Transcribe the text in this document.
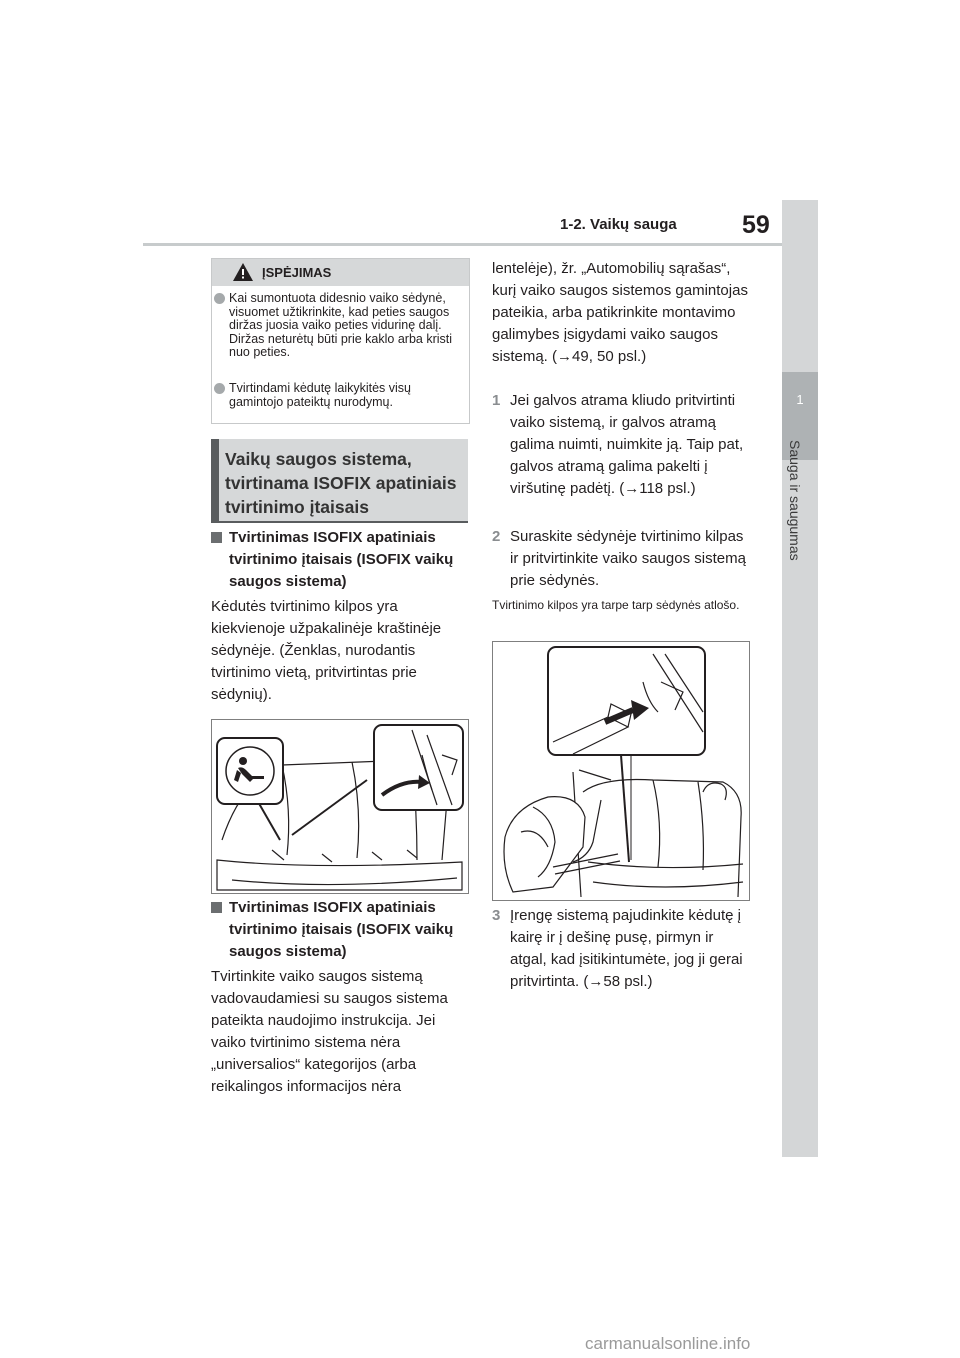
1-2. Vaikų sauga	59
1
Sauga ir saugumas
ĮSPĖJIMAS
Kai sumontuota didesnio vaiko sėdynė, visuomet užtikrinkite, kad peties saugos diržas juosia vaiko peties vidurinę dalį. Diržas neturėtų būti prie kaklo arba kristi nuo peties.
Tvirtindami kėdutę laikykitės visų gamintojo pateiktų nurodymų.
Vaikų saugos sistema, tvirtinama ISOFIX apatiniais tvirtinimo įtaisais
Tvirtinimas ISOFIX apatiniais tvirtinimo įtaisais (ISOFIX vaikų saugos sistema)
Kėdutės tvirtinimo kilpos yra kiekvienoje užpakalinėje kraštinėje sėdynėje. (Ženklas, nurodantis tvirtinimo vietą, pritvirtintas prie sėdynių).
Tvirtinimas ISOFIX apatiniais tvirtinimo įtaisais (ISOFIX vaikų saugos sistema)
Tvirtinkite vaiko saugos sistemą vadovaudamiesi su saugos sistema pateikta naudojimo instrukcija. Jei vaiko tvirtinimo sistema nėra „universalios“ kategorijos (arba reikalingos informacijos nėra
lentelėje), žr. „Automobilių sąrašas“, kurį vaiko saugos sistemos gamintojas pateikia, arba patikrinkite montavimo galimybes įsigydami vaiko saugos sistemą. (→49, 50 psl.)
1 Jei galvos atrama kliudo pritvirtinti vaiko sistemą, ir galvos atramą galima nuimti, nuimkite ją. Taip pat, galvos atramą galima pakelti į viršutinę padėtį. (→118 psl.)
2 Suraskite sėdynėje tvirtinimo kilpas ir pritvirtinkite vaiko saugos sistemą prie sėdynės.
Tvirtinimo kilpos yra tarpe tarp sėdynės atlošo.
3 Įrengę sistemą pajudinkite kėdutę į kairę ir į dešinę pusę, pirmyn ir atgal, kad įsitikintumėte, jog ji gerai pritvirtinta. (→58 psl.)
carmanualsonline.info
